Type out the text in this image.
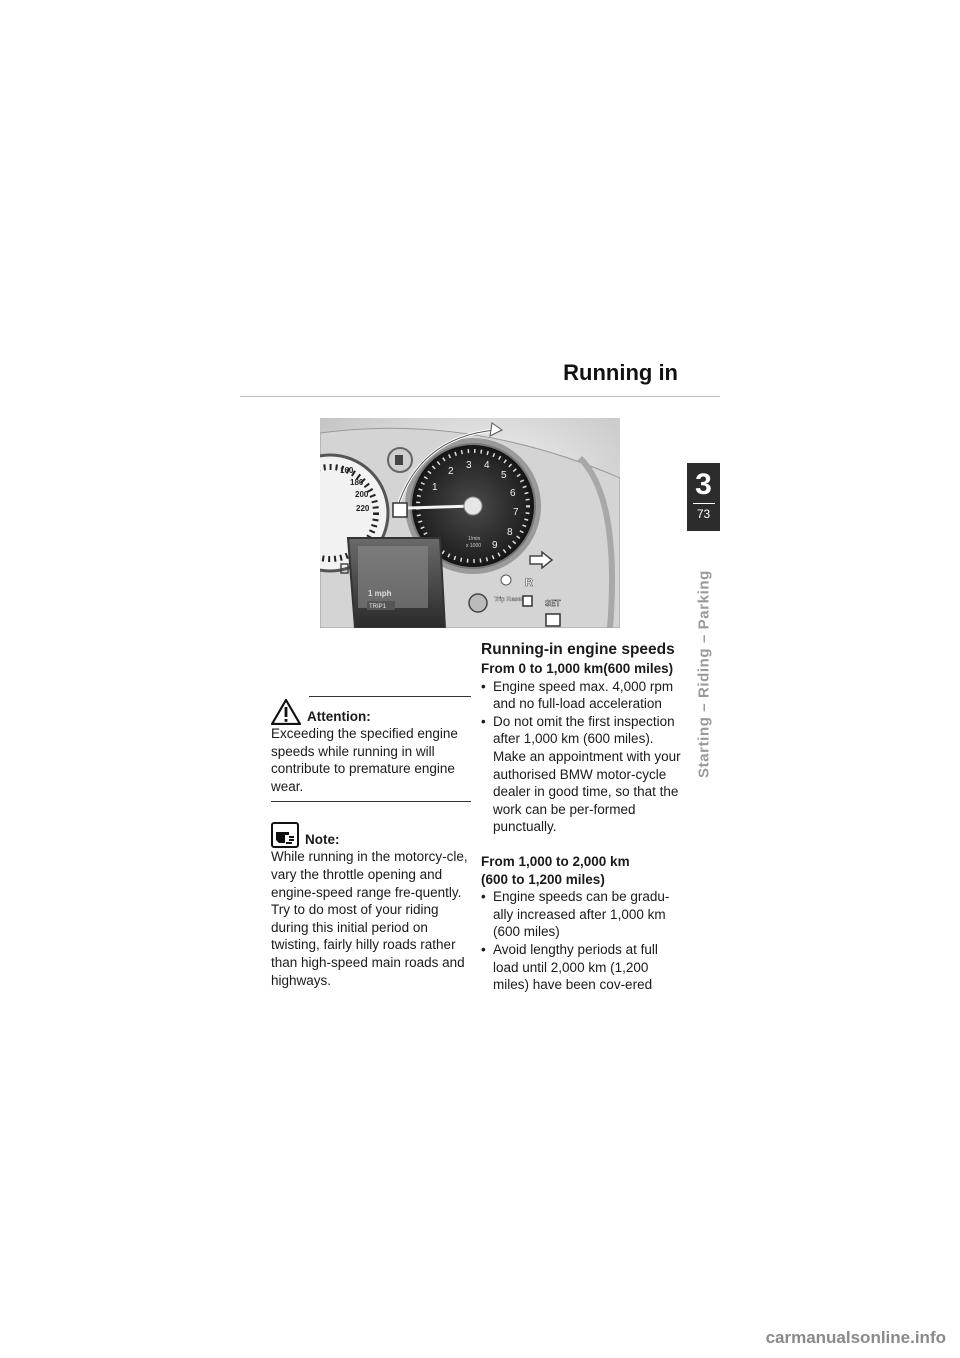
Running in
3
73
Starting – Riding – Parking
160
180
200
220
1
2
3 4
5
6
7
8
9
1/min
x 1000
1 mph
TRIP1
R
Trip Reset	SET
Attention:

Exceeding the specified engine speeds while running in will contribute to premature engine wear.

Note:

While running in the motorcy-cle, vary the throttle opening and engine-speed range fre-quently.

Try to do most of your riding during this initial period on twisting, fairly hilly roads rather than high-speed main roads and highways.

Running-in engine speeds

From 0 to 1,000 km(600 miles)

• Engine speed max. 4,000 rpm and no full-load acceleration
• Do not omit the first inspection after 1,000 km (600 miles). Make an appointment with your authorised BMW motor-cycle dealer in good time, so that the work can be per-formed punctually.

From 1,000 to 2,000 km

(600 to 1,200 miles)

• Engine speeds can be gradu-ally increased after 1,000 km (600 miles)
• Avoid lengthy periods at full load until 2,000 km (1,200 miles) have been cov-ered
carmanualsonline.info
